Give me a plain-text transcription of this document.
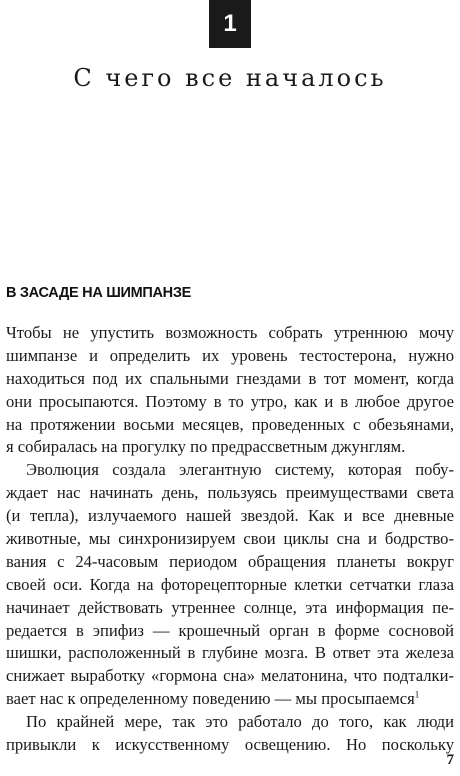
1
С чего все началось
В ЗАСАДЕ НА ШИМПАНЗЕ
Чтобы не упустить возможность собрать утреннюю мочу
шимпанзе и определить их уровень тестостерона, нужно
находиться под их спальными гнездами в тот момент, когда
они просыпаются. Поэтому в то утро, как и в любое другое
на протяжении восьми месяцев, проведенных с обезьянами,
я собиралась на прогулку по предрассветным джунглям.
Эволюция создала элегантную систему, которая побу-
ждает нас начинать день, пользуясь преимуществами света
(и тепла), излучаемого нашей звездой. Как и все дневные
животные, мы синхронизируем свои циклы сна и бодрство-
вания с 24-часовым периодом обращения планеты вокруг
своей оси. Когда на фоторецепторные клетки сетчатки глаза
начинает действовать утреннее солнце, эта информация пе-
редается в эпифиз — крошечный орган в форме сосновой
шишки, расположенный в глубине мозга. В ответ эта железа
снижает выработку «гормона сна» мелатонина, что подталки-
вает нас к определенному поведению — мы просыпаемся$^1$
По крайней мере, так это работало до того, как люди
привыкли к искусственному освещению. Но поскольку
7
